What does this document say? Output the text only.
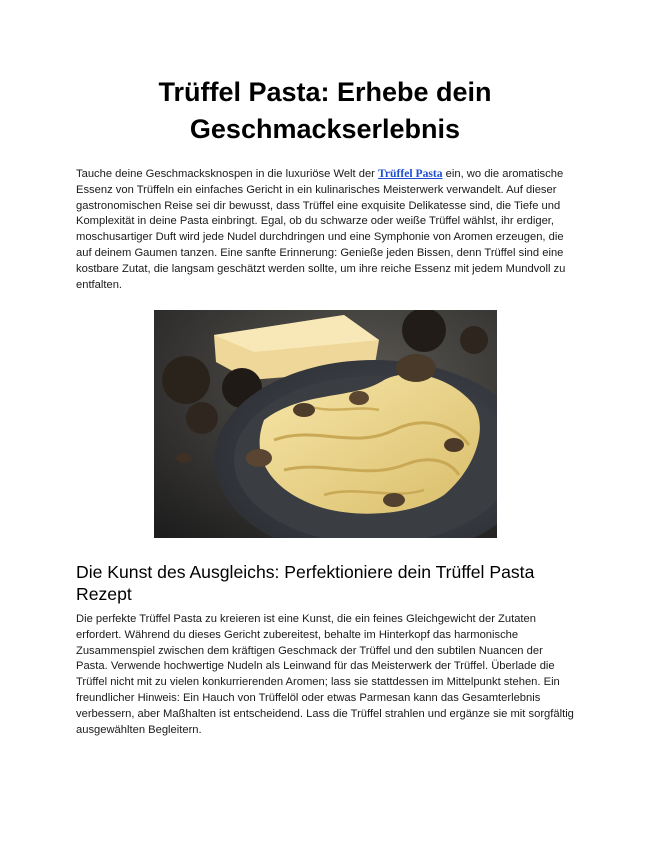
Trüffel Pasta: Erhebe dein Geschmackserlebnis

Tauche deine Geschmacksknospen in die luxuriöse Welt der Trüffel Pasta ein, wo die aromatische Essenz von Trüffeln ein einfaches Gericht in ein kulinarisches Meisterwerk verwandelt. Auf dieser gastronomischen Reise sei dir bewusst, dass Trüffel eine exquisite Delikatesse sind, die Tiefe und Komplexität in deine Pasta einbringt. Egal, ob du schwarze oder weiße Trüffel wählst, ihr erdiger, moschusartiger Duft wird jede Nudel durchdringen und eine Symphonie von Aromen erzeugen, die auf deinem Gaumen tanzen. Eine sanfte Erinnerung: Genieße jeden Bissen, denn Trüffel sind eine kostbare Zutat, die langsam geschätzt werden sollte, um ihre reiche Essenz mit jedem Mundvoll zu entfalten.

Die Kunst des Ausgleichs: Perfektioniere dein Trüffel Pasta Rezept

Die perfekte Trüffel Pasta zu kreieren ist eine Kunst, die ein feines Gleichgewicht der Zutaten erfordert. Während du dieses Gericht zubereitest, behalte im Hinterkopf das harmonische Zusammenspiel zwischen dem kräftigen Geschmack der Trüffel und den subtilen Nuancen der Pasta. Verwende hochwertige Nudeln als Leinwand für das Meisterwerk der Trüffel. Überlade die Trüffel nicht mit zu vielen konkurrierenden Aromen; lass sie stattdessen im Mittelpunkt stehen. Ein freundlicher Hinweis: Ein Hauch von Trüffelöl oder etwas Parmesan kann das Gesamterlebnis verbessern, aber Maßhalten ist entscheidend. Lass die Trüffel strahlen und ergänze sie mit sorgfältig ausgewählten Begleitern.
